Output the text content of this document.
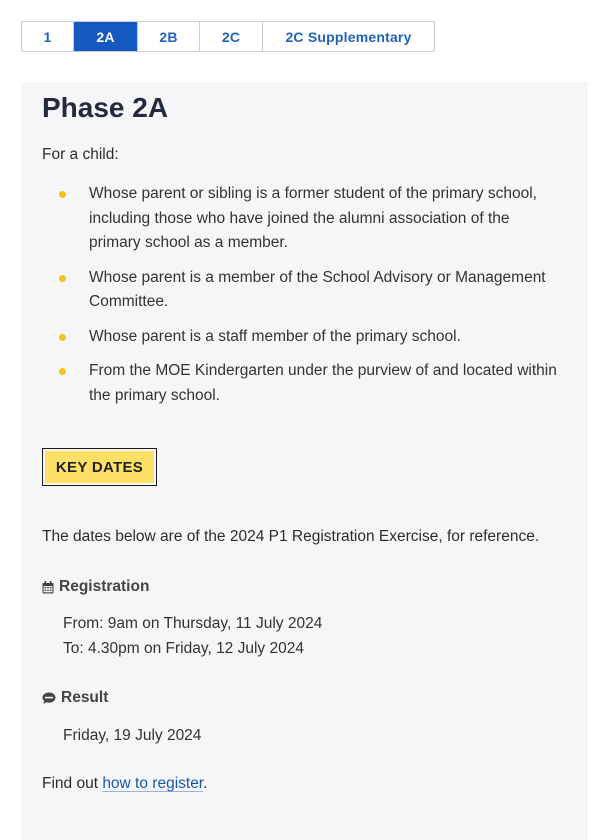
1	2A	2B	2C	2C Supplementary
Phase 2A

For a child:

Whose parent or sibling is a former student of the primary school, including those who have joined the alumni association of the primary school as a member.
Whose parent is a member of the School Advisory or Management Committee.
Whose parent is a staff member of the primary school.
From the MOE Kindergarten under the purview of and located within the primary school.
KEY DATES

The dates below are of the 2024 P1 Registration Exercise, for reference.

Registration
From: 9am on Thursday, 11 July 2024
To: 4.30pm on Friday, 12 July 2024
Result
Friday, 19 July 2024

Find out how to register.
